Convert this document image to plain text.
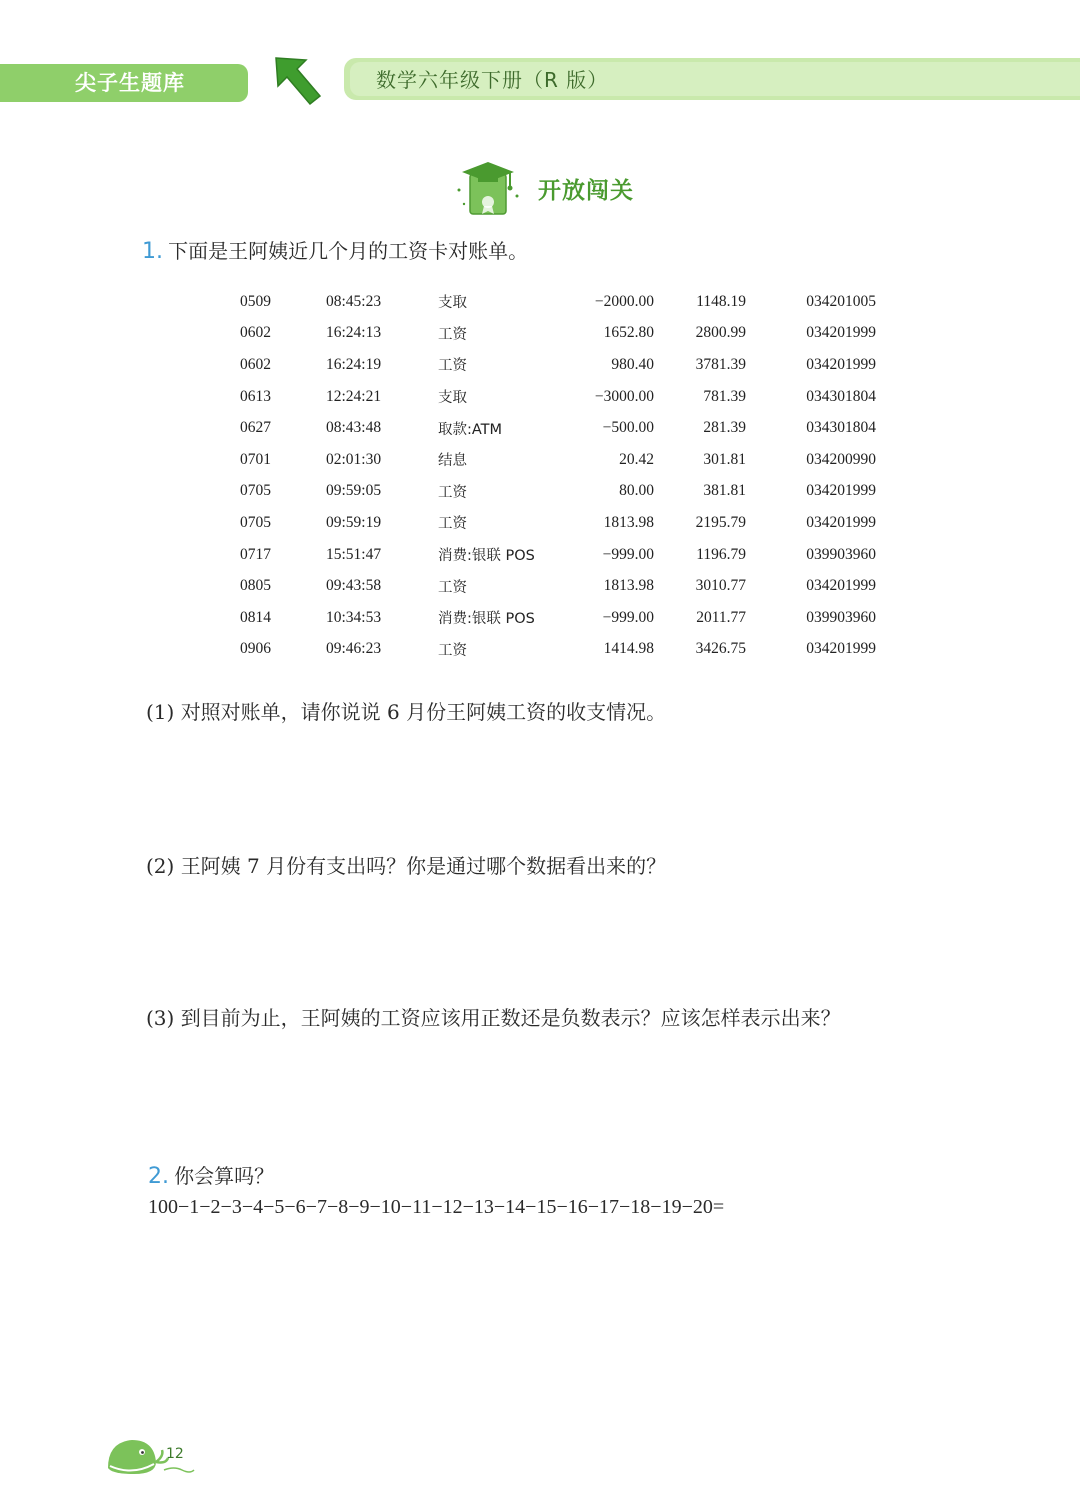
尖子生题库	数学六年级下册（R 版）
开放闯关
1. 下面是王阿姨近几个月的工资卡对账单。
0509	08:45:23	支取	−2000.00	1148.19	034201005
0602	16:24:13	工资	1652.80	2800.99	034201999
0602	16:24:19	工资	980.40	3781.39	034201999
0613	12:24:21	支取	−3000.00	781.39	034301804
0627	08:43:48	取款:ATM	−500.00	281.39	034301804
0701	02:01:30	结息	20.42	301.81	034200990
0705	09:59:05	工资	80.00	381.81	034201999
0705	09:59:19	工资	1813.98	2195.79	034201999
0717	15:51:47	消费:银联 POS	−999.00	1196.79	039903960
0805	09:43:58	工资	1813.98	3010.77	034201999
0814	10:34:53	消费:银联 POS	−999.00	2011.77	039903960
0906	09:46:23	工资	1414.98	3426.75	034201999
(1) 对照对账单，请你说说 6 月份王阿姨工资的收支情况。
(2) 王阿姨 7 月份有支出吗？你是通过哪个数据看出来的？
(3) 到目前为止，王阿姨的工资应该用正数还是负数表示？应该怎样表示出来？
2. 你会算吗？
100−1−2−3−4−5−6−7−8−9−10−11−12−13−14−15−16−17−18−19−20=
12
